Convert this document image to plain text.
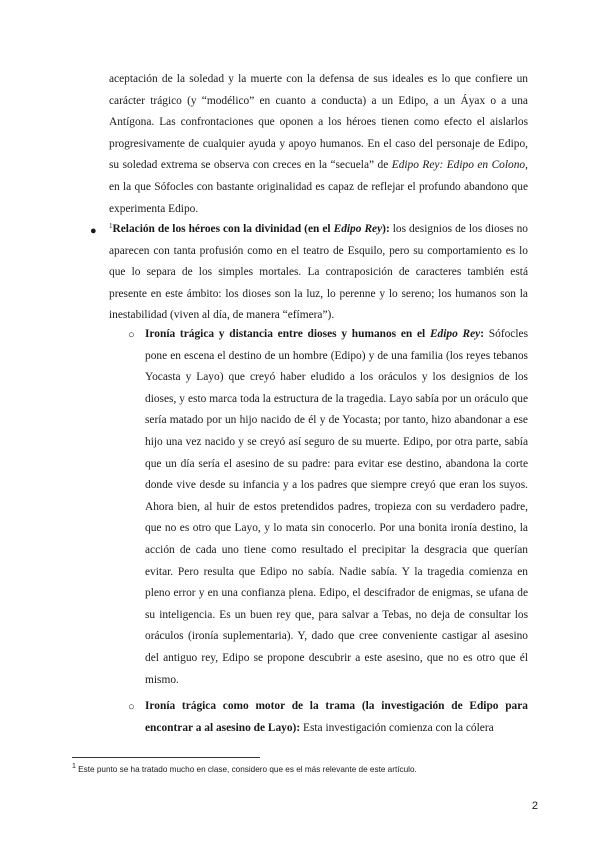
aceptación de la soledad y la muerte con la defensa de sus ideales es lo que confiere un carácter trágico (y “modélico” en cuanto a conducta) a un Edipo, a un Áyax o a una Antígona. Las confrontaciones que oponen a los héroes tienen como efecto el aislarlos progresivamente de cualquier ayuda y apoyo humanos. En el caso del personaje de Edipo, su soledad extrema se observa con creces en la “secuela” de Edipo Rey: Edipo en Colono, en la que Sófocles con bastante originalidad es capaz de reflejar el profundo abandono que experimenta Edipo.

● $^1$Relación de los héroes con la divinidad (en el Edipo Rey): los designios de los dioses no aparecen con tanta profusión como en el teatro de Esquilo, pero su comportamiento es lo que lo separa de los simples mortales. La contraposición de caracteres también está presente en este ámbito: los dioses son la luz, lo perenne y lo sereno; los humanos son la inestabilidad (viven al día, de manera “efímera”).

○ Ironía trágica y distancia entre dioses y humanos en el Edipo Rey: Sófocles pone en escena el destino de un hombre (Edipo) y de una familia (los reyes tebanos Yocasta y Layo) que creyó haber eludido a los oráculos y los designios de los dioses, y esto marca toda la estructura de la tragedia. Layo sabía por un oráculo que sería matado por un hijo nacido de él y de Yocasta; por tanto, hizo abandonar a ese hijo una vez nacido y se creyó así seguro de su muerte. Edipo, por otra parte, sabía que un día sería el asesino de su padre: para evitar ese destino, abandona la corte donde vive desde su infancia y a los padres que siempre creyó que eran los suyos. Ahora bien, al huir de estos pretendidos padres, tropieza con su verdadero padre, que no es otro que Layo, y lo mata sin conocerlo. Por una bonita ironía destino, la acción de cada uno tiene como resultado el precipitar la desgracia que querían evitar. Pero resulta que Edipo no sabía. Nadie sabía. Y la tragedia comienza en pleno error y en una confianza plena. Edipo, el descifrador de enigmas, se ufana de su inteligencia. Es un buen rey que, para salvar a Tebas, no deja de consultar los oráculos (ironía suplementaria). Y, dado que cree conveniente castigar al asesino del antiguo rey, Edipo se propone descubrir a este asesino, que no es otro que él mismo.

○ Ironía trágica como motor de la trama (la investigación de Edipo para encontrar a al asesino de Layo): Esta investigación comienza con la cólera

$^1$ Este punto se ha tratado mucho en clase, considero que es el más relevante de este artículo.
2
